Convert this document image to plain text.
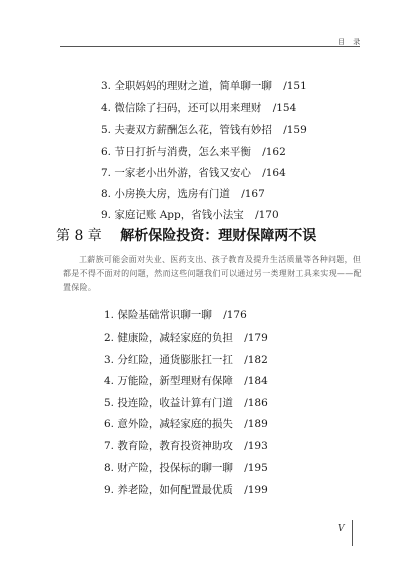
目 录
3. 全职妈妈的理财之道，简单聊一聊 /151
4. 微信除了扫码，还可以用来理财 /154
5. 夫妻双方薪酬怎么花，管钱有妙招 /159
6. 节日打折与消费，怎么来平衡 /162
7. 一家老小出外游，省钱又安心 /164
8. 小房换大房，选房有门道 /167
9. 家庭记账 App，省钱小法宝 /170
第 8 章 解析保险投资：理财保障两不误
工薪族可能会面对失业、医药支出、孩子教育及提升生活质量等各种问题，但都是不得不面对的问题，然而这些问题我们可以通过另一类理财工具来实现——配置保险。
1. 保险基础常识聊一聊 /176
2. 健康险，减轻家庭的负担 /179
3. 分红险，通货膨胀扛一扛 /182
4. 万能险，新型理财有保障 /184
5. 投连险，收益计算有门道 /186
6. 意外险，减轻家庭的损失 /189
7. 教育险，教育投资神助攻 /193
8. 财产险，投保标的聊一聊 /195
9. 养老险，如何配置最优质 /199
V
